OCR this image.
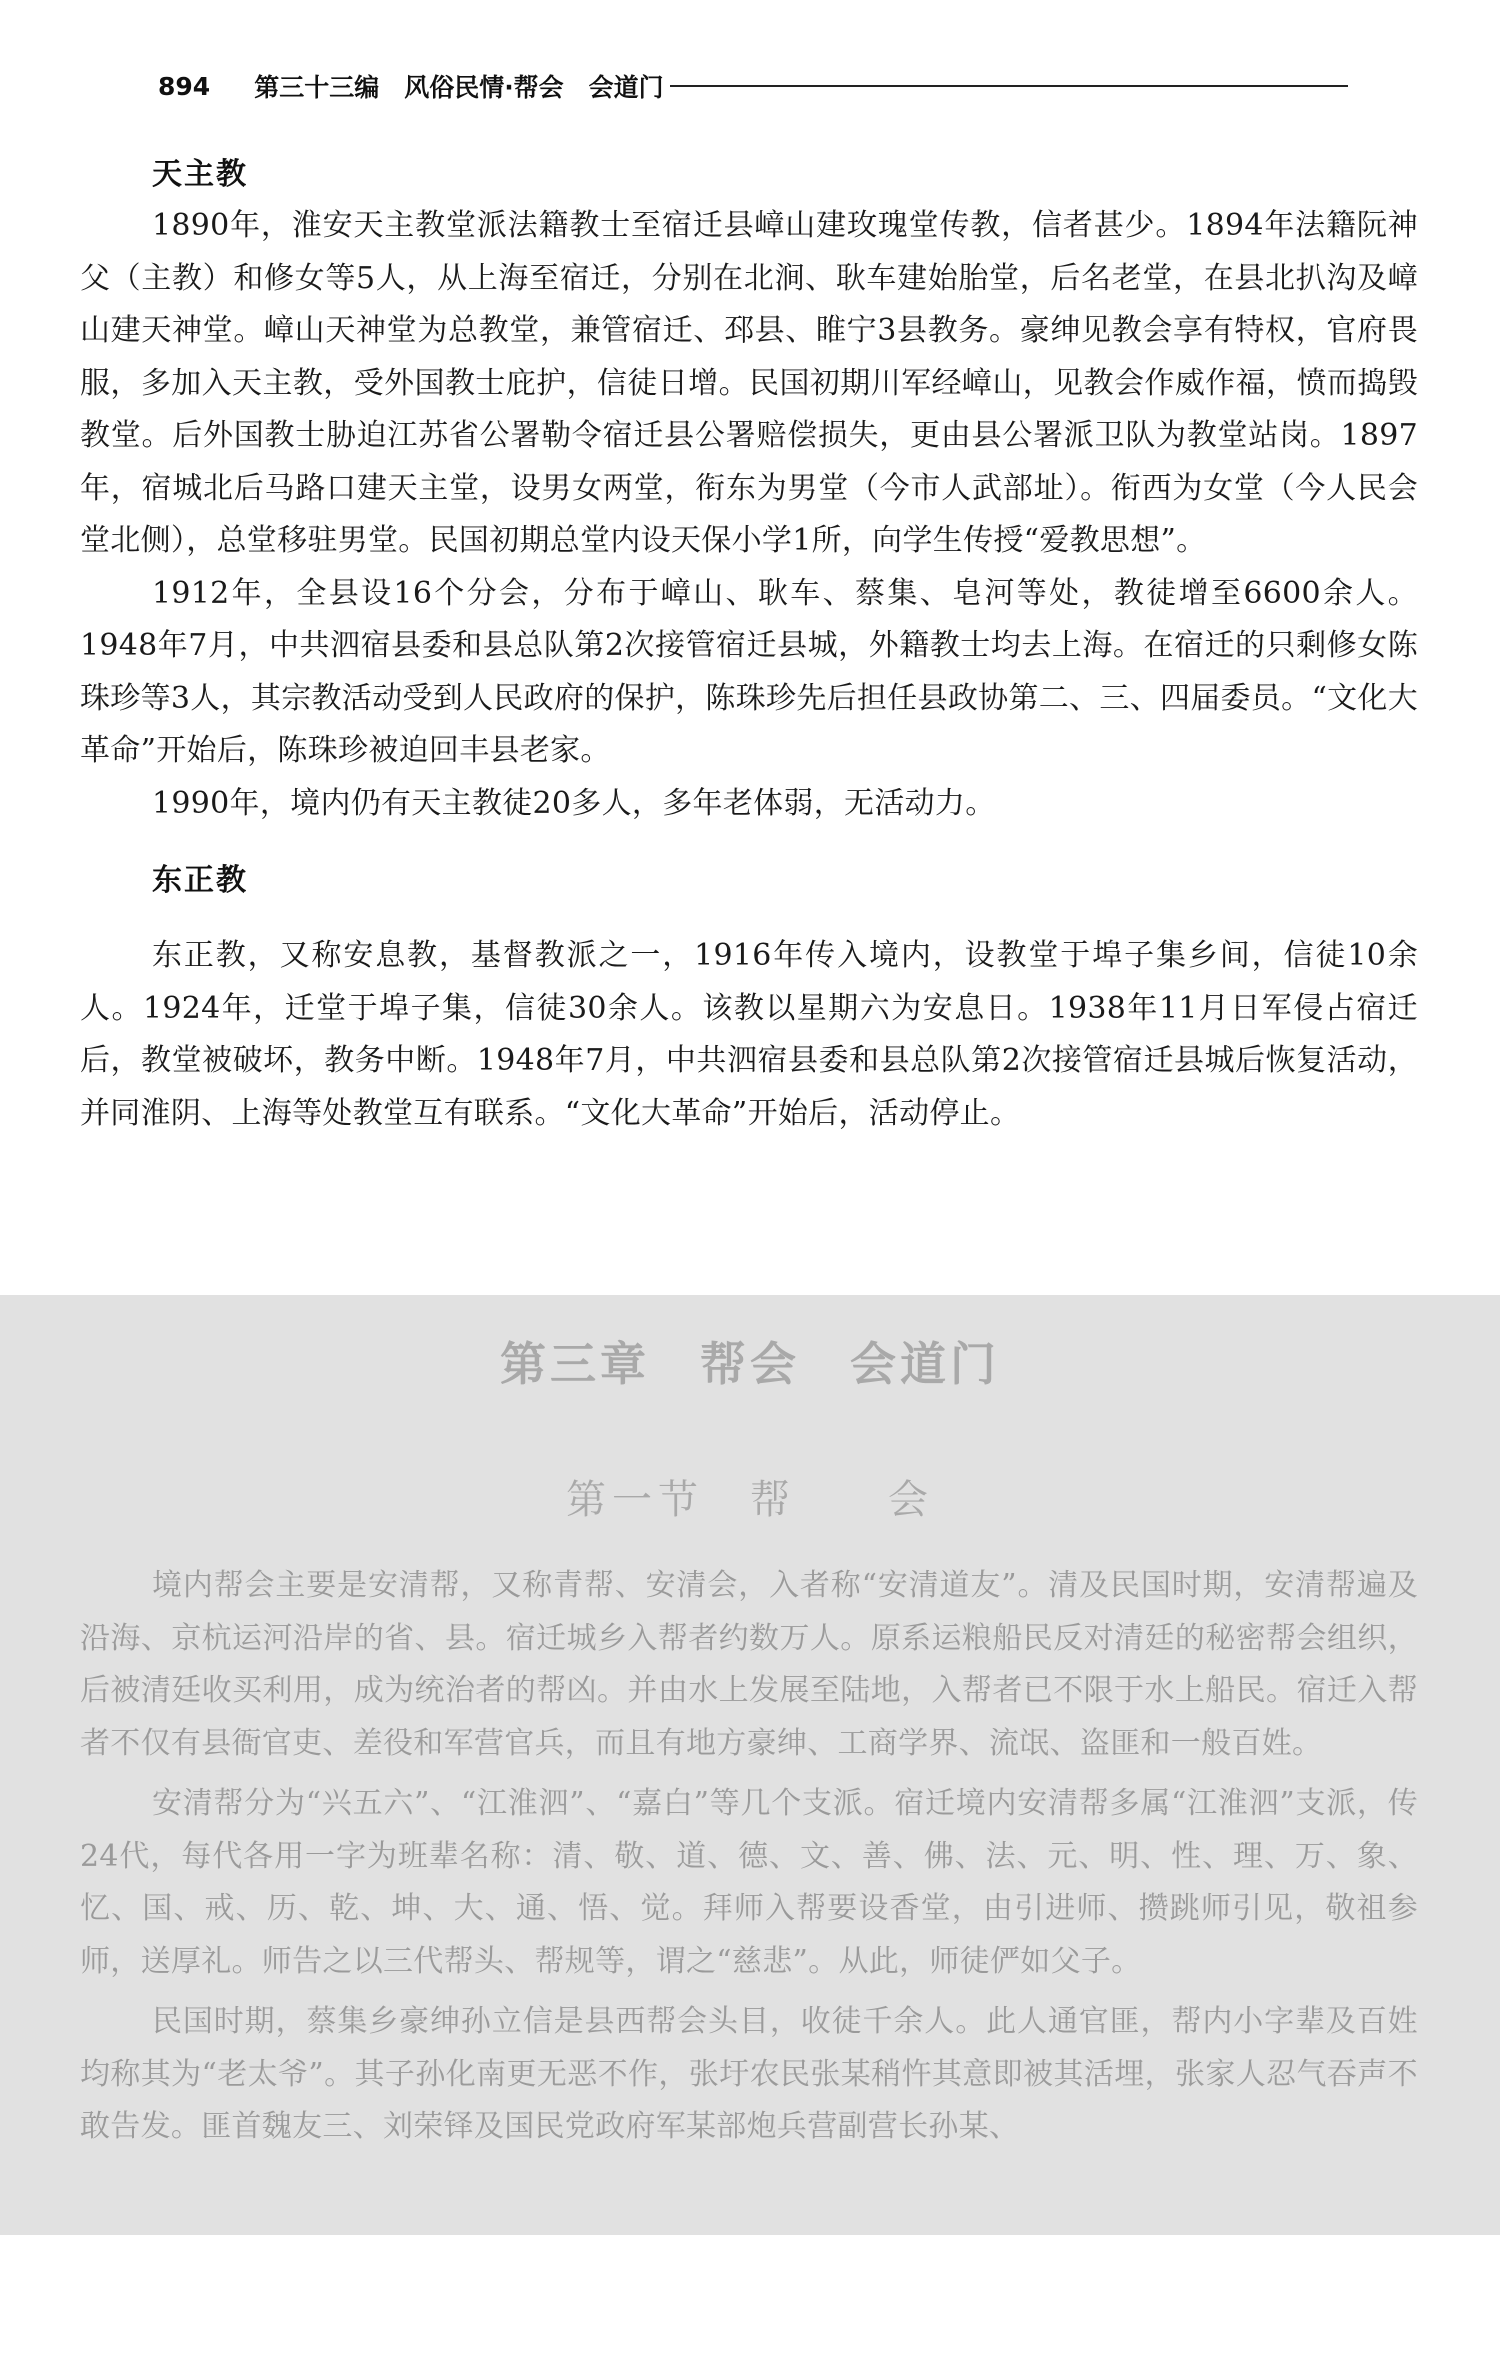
894 第三十三编　风俗民情·帮会　会道门
天主教

1890年，淮安天主教堂派法籍教士至宿迁县嶂山建玫瑰堂传教，信者甚少。1894年法籍阮神父（主教）和修女等5人，从上海至宿迁，分别在北涧、耿车建始胎堂，后名老堂，在县北扒沟及嶂山建天神堂。嶂山天神堂为总教堂，兼管宿迁、邳县、睢宁3县教务。豪绅见教会享有特权，官府畏服，多加入天主教，受外国教士庇护，信徒日增。民国初期川军经嶂山，见教会作威作福，愤而捣毁教堂。后外国教士胁迫江苏省公署勒令宿迁县公署赔偿损失，更由县公署派卫队为教堂站岗。1897年，宿城北后马路口建天主堂，设男女两堂，衔东为男堂（今市人武部址）。衔西为女堂（今人民会堂北侧），总堂移驻男堂。民国初期总堂内设天保小学1所，向学生传授“爱教思想”。

1912年，全县设16个分会，分布于嶂山、耿车、蔡集、皂河等处，教徒增至6600余人。1948年7月，中共泗宿县委和县总队第2次接管宿迁县城，外籍教士均去上海。在宿迁的只剩修女陈珠珍等3人，其宗教活动受到人民政府的保护，陈珠珍先后担任县政协第二、三、四届委员。“文化大革命”开始后，陈珠珍被迫回丰县老家。

1990年，境内仍有天主教徒20多人，多年老体弱，无活动力。

东正教

东正教，又称安息教，基督教派之一，1916年传入境内，设教堂于埠子集乡间，信徒10余人。1924年，迁堂于埠子集，信徒30余人。该教以星期六为安息日。1938年11月日军侵占宿迁后，教堂被破坏，教务中断。1948年7月，中共泗宿县委和县总队第2次接管宿迁县城后恢复活动，并同淮阴、上海等处教堂互有联系。“文化大革命”开始后，活动停止。

第三章　帮会　会道门
第一节　帮　　会

境内帮会主要是安清帮，又称青帮、安清会，入者称“安清道友”。清及民国时期，安清帮遍及沿海、京杭运河沿岸的省、县。宿迁城乡入帮者约数万人。原系运粮船民反对清廷的秘密帮会组织，后被清廷收买利用，成为统治者的帮凶。并由水上发展至陆地，入帮者已不限于水上船民。宿迁入帮者不仅有县衙官吏、差役和军营官兵，而且有地方豪绅、工商学界、流氓、盗匪和一般百姓。

安清帮分为“兴五六”、“江淮泗”、“嘉白”等几个支派。宿迁境内安清帮多属“江淮泗”支派，传24代，每代各用一字为班辈名称：清、敬、道、德、文、善、佛、法、元、明、性、理、万、象、忆、国、戒、历、乾、坤、大、通、悟、觉。拜师入帮要设香堂，由引进师、攒跳师引见，敬祖参师，送厚礼。师告之以三代帮头、帮规等，谓之“慈悲”。从此，师徒俨如父子。

民国时期，蔡集乡豪绅孙立信是县西帮会头目，收徒千余人。此人通官匪，帮内小字辈及百姓均称其为“老太爷”。其子孙化南更无恶不作，张圩农民张某稍忤其意即被其活埋，张家人忍气吞声不敢告发。匪首魏友三、刘荣铎及国民党政府军某部炮兵营副营长孙某、
